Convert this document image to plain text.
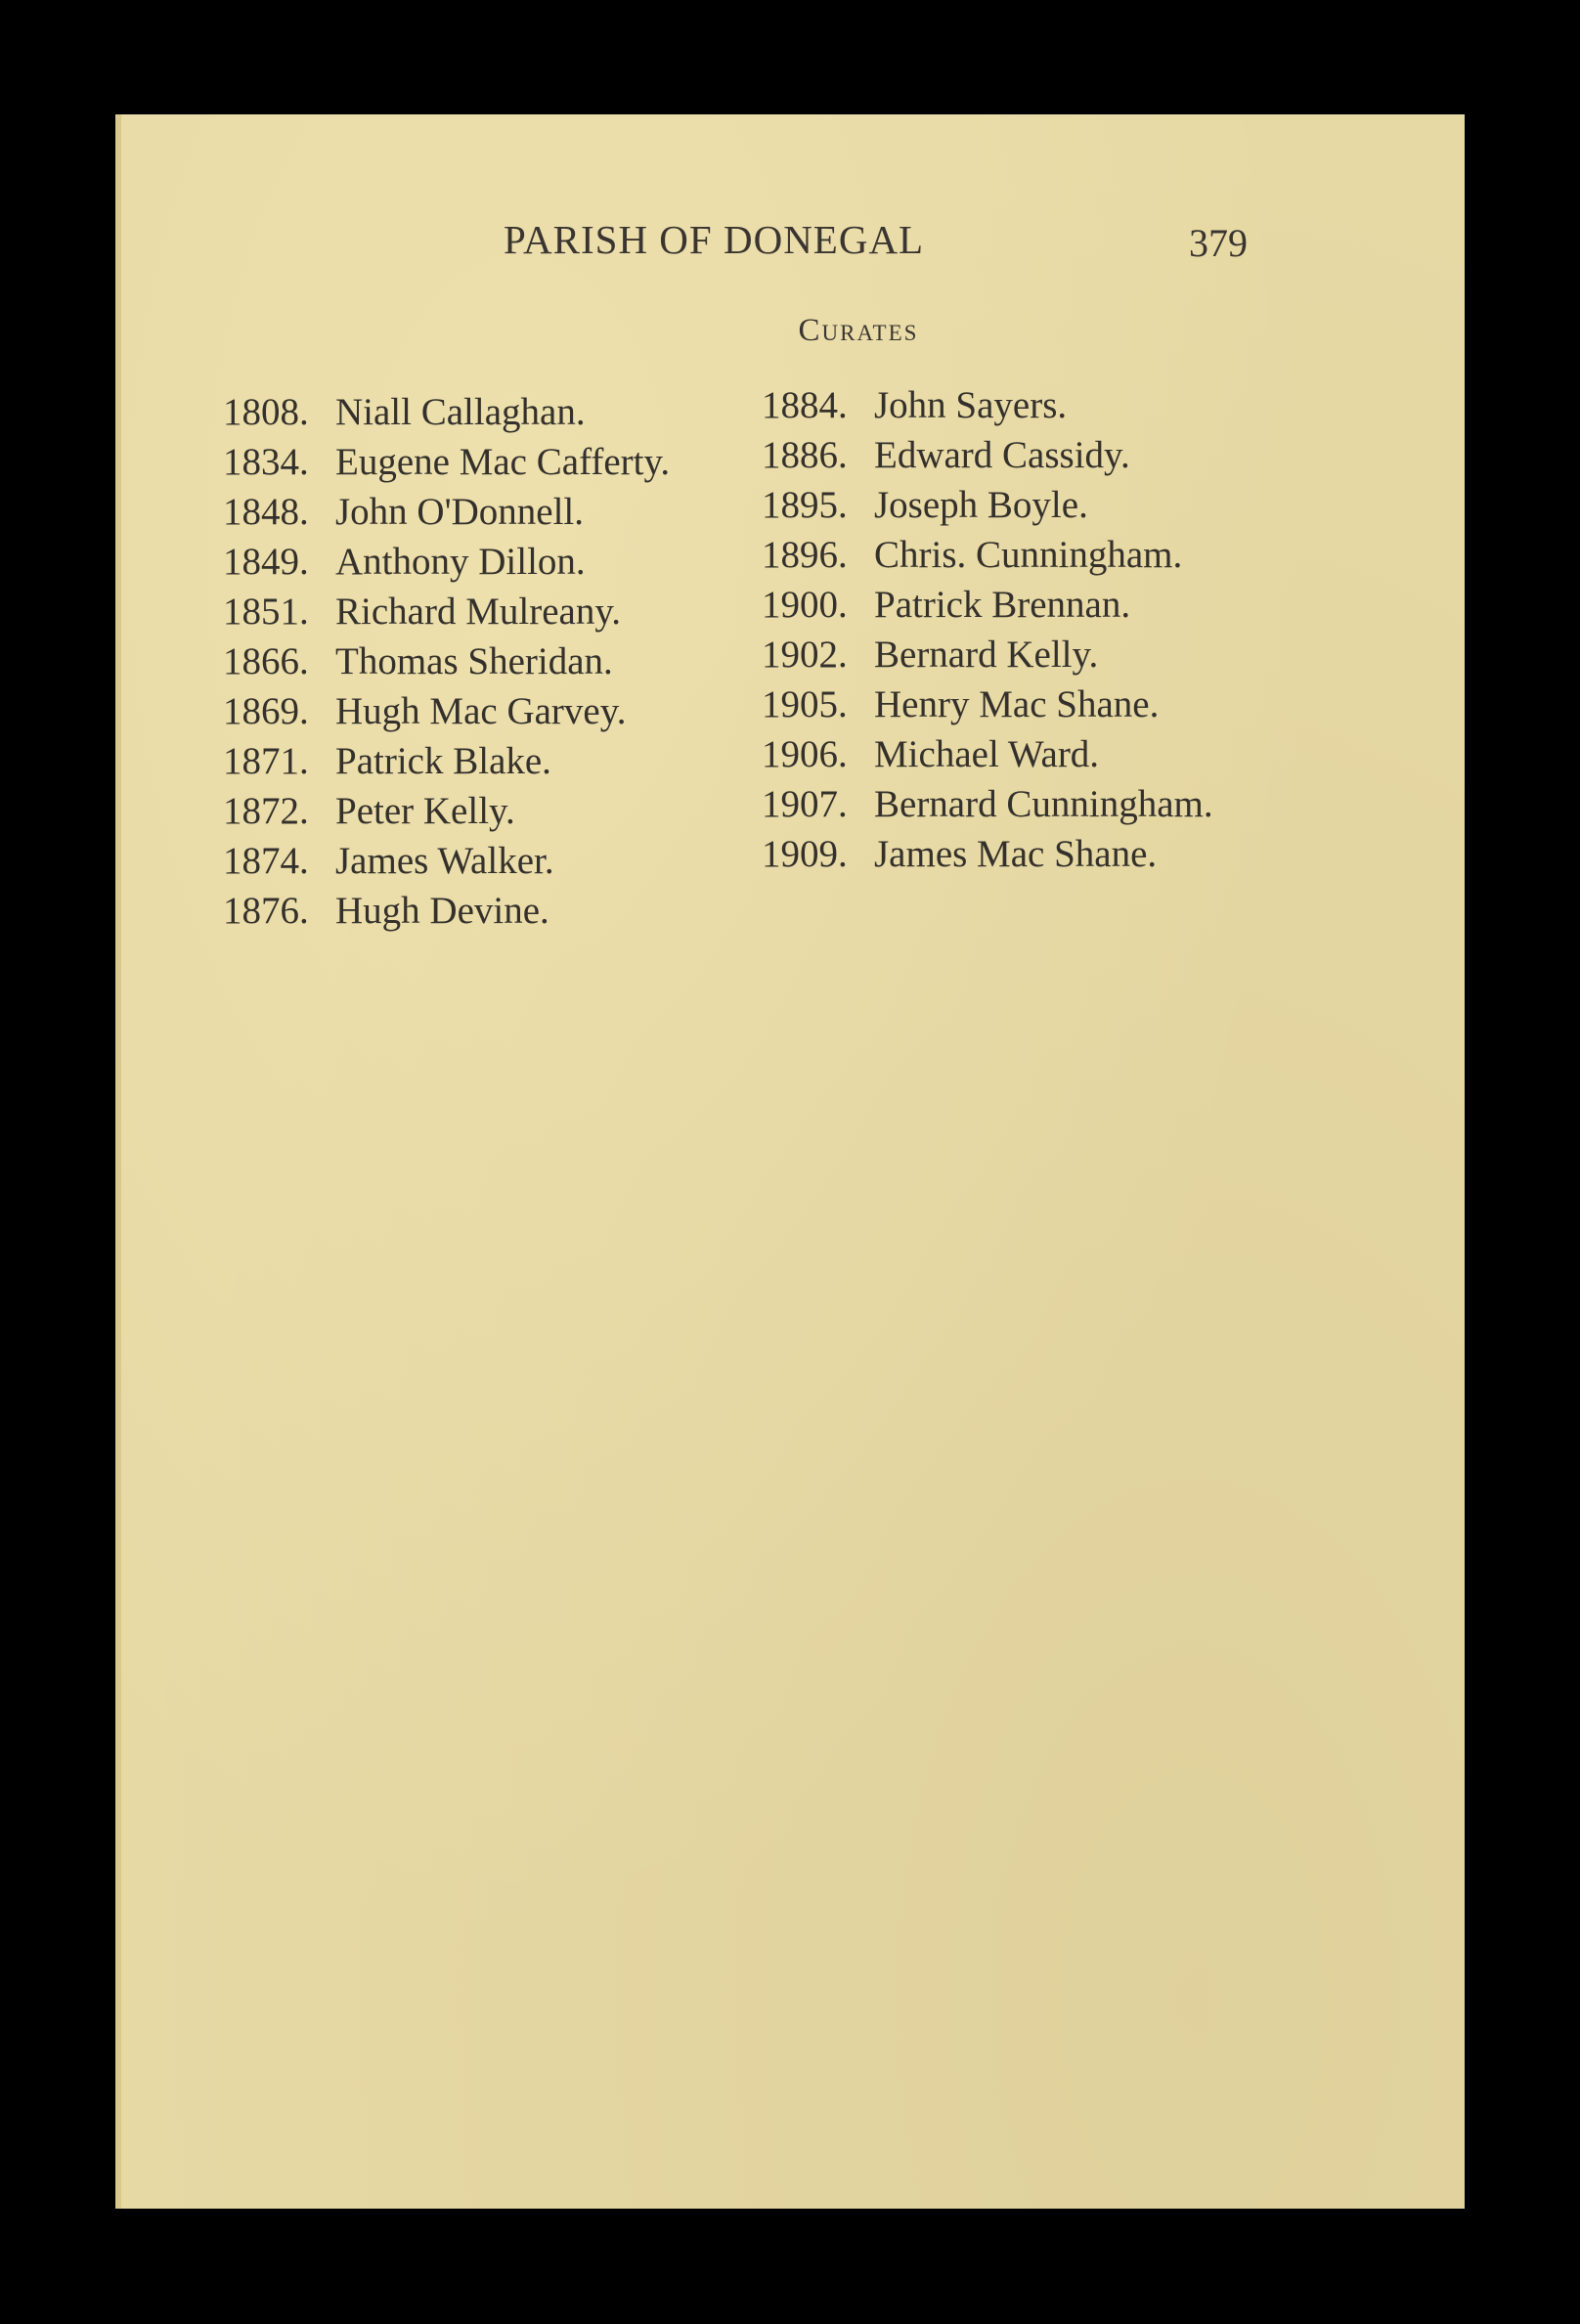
PARISH OF DONEGAL	379
Curates
1808. Niall Callaghan.
1834. Eugene Mac Cafferty.
1848. John O'Donnell.
1849. Anthony Dillon.
1851. Richard Mulreany.
1866. Thomas Sheridan.
1869. Hugh Mac Garvey.
1871. Patrick Blake.
1872. Peter Kelly.
1874. James Walker.
1876. Hugh Devine.
1884. John Sayers.
1886. Edward Cassidy.
1895. Joseph Boyle.
1896. Chris. Cunningham.
1900. Patrick Brennan.
1902. Bernard Kelly.
1905. Henry Mac Shane.
1906. Michael Ward.
1907. Bernard Cunningham.
1909. James Mac Shane.
